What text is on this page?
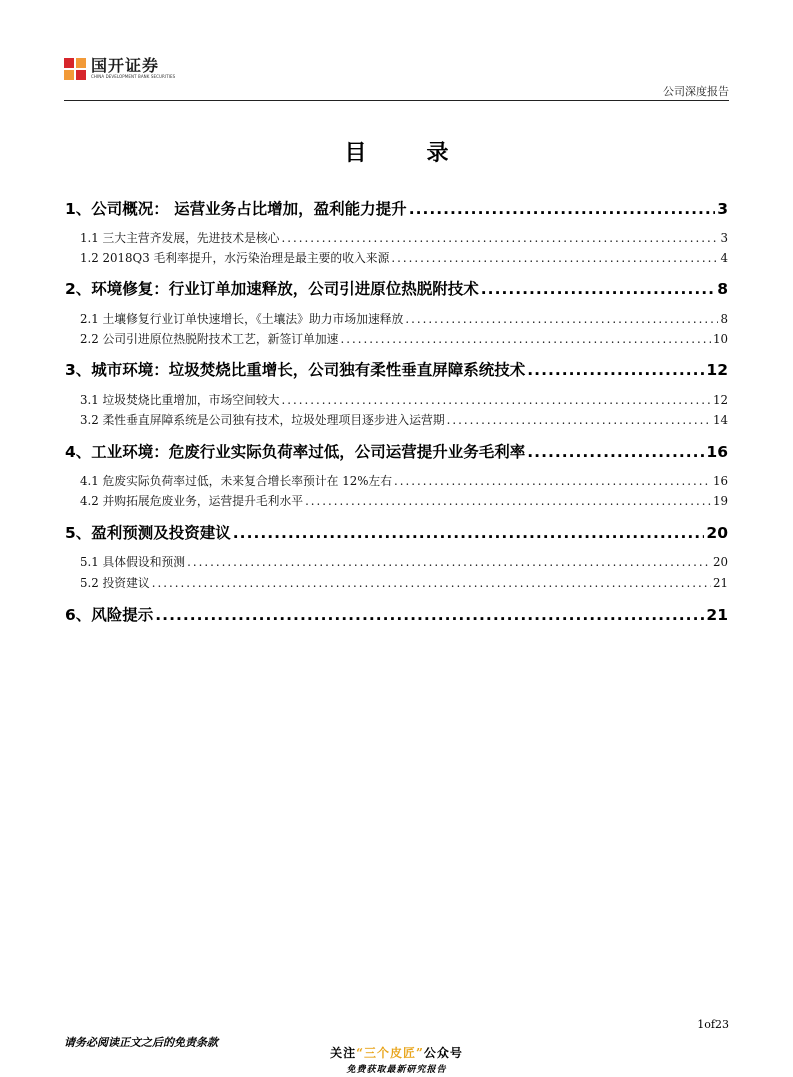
国开证券
CHINA DEVELOPMENT BANK SECURITIES
公司深度报告
目录
1、公司概况： 运营业务占比增加，盈利能力提升 .....	3
1.1 三大主营齐发展，先进技术是核心 .....	3
1.2 2018Q3 毛利率提升，水污染治理是最主要的收入来源 .....	4
2、环境修复：行业订单加速释放，公司引进原位热脱附技术 .....	8
2.1 土壤修复行业订单快速增长，《土壤法》助力市场加速释放 .....	8
2.2 公司引进原位热脱附技术工艺，新签订单加速 .....	10
3、城市环境：垃圾焚烧比重增长，公司独有柔性垂直屏障系统技术 .....	12
3.1 垃圾焚烧比重增加，市场空间较大 .....	12
3.2 柔性垂直屏障系统是公司独有技术，垃圾处理项目逐步进入运营期 .....	14
4、工业环境：危废行业实际负荷率过低，公司运营提升业务毛利率 .....	16
4.1 危废实际负荷率过低，未来复合增长率预计在 12%左右 .....	16
4.2 并购拓展危废业务，运营提升毛利水平 .....	19
5、盈利预测及投资建议 .....	20
5.1 具体假设和预测 .....	20
5.2 投资建议 .....	21
6、风险提示 .....	21
1of23
请务必阅读正文之后的免责条款
关注“三个皮匠”公众号
免费获取最新研究报告
